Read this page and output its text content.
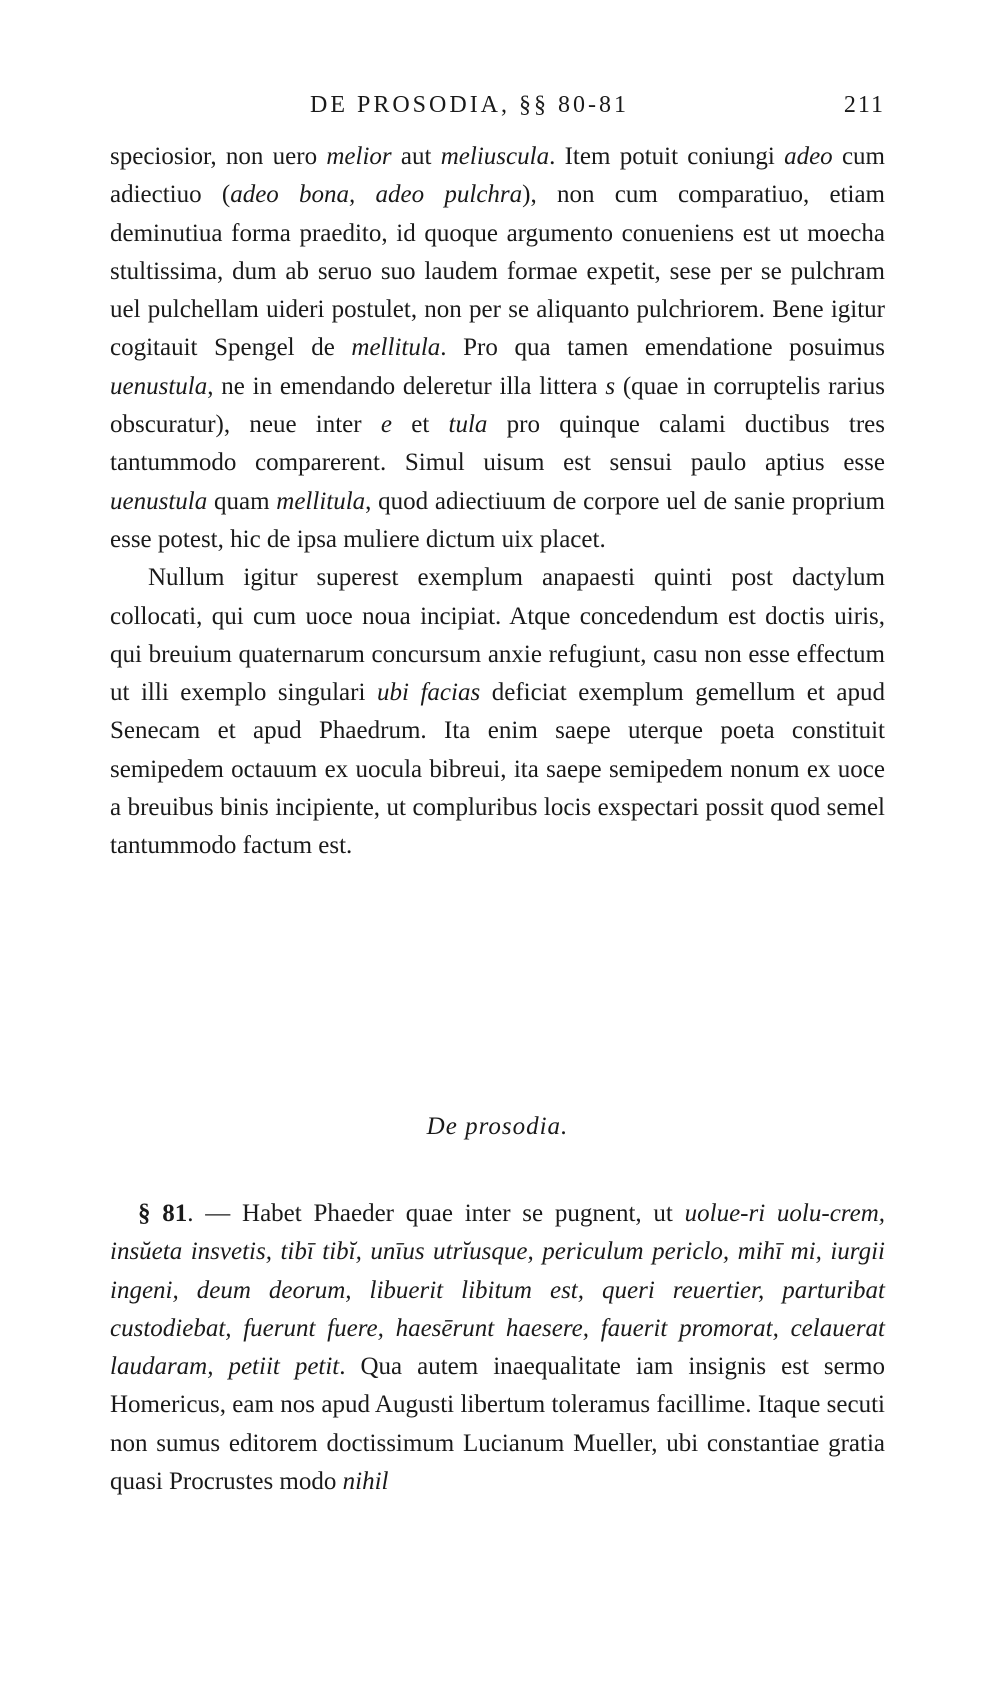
DE PROSODIA, §§ 80-81	211

speciosior, non uero melior aut meliuscula. Item potuit coniungi adeo cum adiectiuo (adeo bona, adeo pulchra), non cum comparatiuo, etiam deminutiua forma praedito, id quoque argumento conueniens est ut moecha stultissima, dum ab seruo suo laudem formae expetit, sese per se pulchram uel pulchellam uideri postulet, non per se aliquanto pulchriorem. Bene igitur cogitauit Spengel de mellitula. Pro qua tamen emendatione posuimus uenustula, ne in emendando deleretur illa littera s (quae in corruptelis rarius obscuratur), neue inter e et tula pro quinque calami ductibus tres tantummodo comparerent. Simul uisum est sensui paulo aptius esse uenustula quam mellitula, quod adiectiuum de corpore uel de sanie proprium esse potest, hic de ipsa muliere dictum uix placet.

Nullum igitur superest exemplum anapaesti quinti post dactylum collocati, qui cum uoce noua incipiat. Atque concedendum est doctis uiris, qui breuium quaternarum concursum anxie refugiunt, casu non esse effectum ut illi exemplo singulari ubi facias deficiat exemplum gemellum et apud Senecam et apud Phaedrum. Ita enim saepe uterque poeta constituit semipedem octauum ex uocula bibreui, ita saepe semipedem nonum ex uoce a breuibus binis incipiente, ut compluribus locis exspectari possit quod semel tantummodo factum est.

De prosodia.

§ 81. — Habet Phaeder quae inter se pugnent, ut uolue-ri uolu-crem, insŭeta insvetis, tibī tibĭ, unīus utrĭusque, periculum periclo, mihī mi, iurgii ingeni, deum deorum, libuerit libitum est, queri reuertier, parturibat custodiebat, fuerunt fuere, haesērunt haesere, fauerit promorat, celauerat laudaram, petiit petit. Qua autem inaequalitate iam insignis est sermo Homericus, eam nos apud Augusti libertum toleramus facillime. Itaque secuti non sumus editorem doctissimum Lucianum Mueller, ubi constantiae gratia quasi Procrustes modo nihil
